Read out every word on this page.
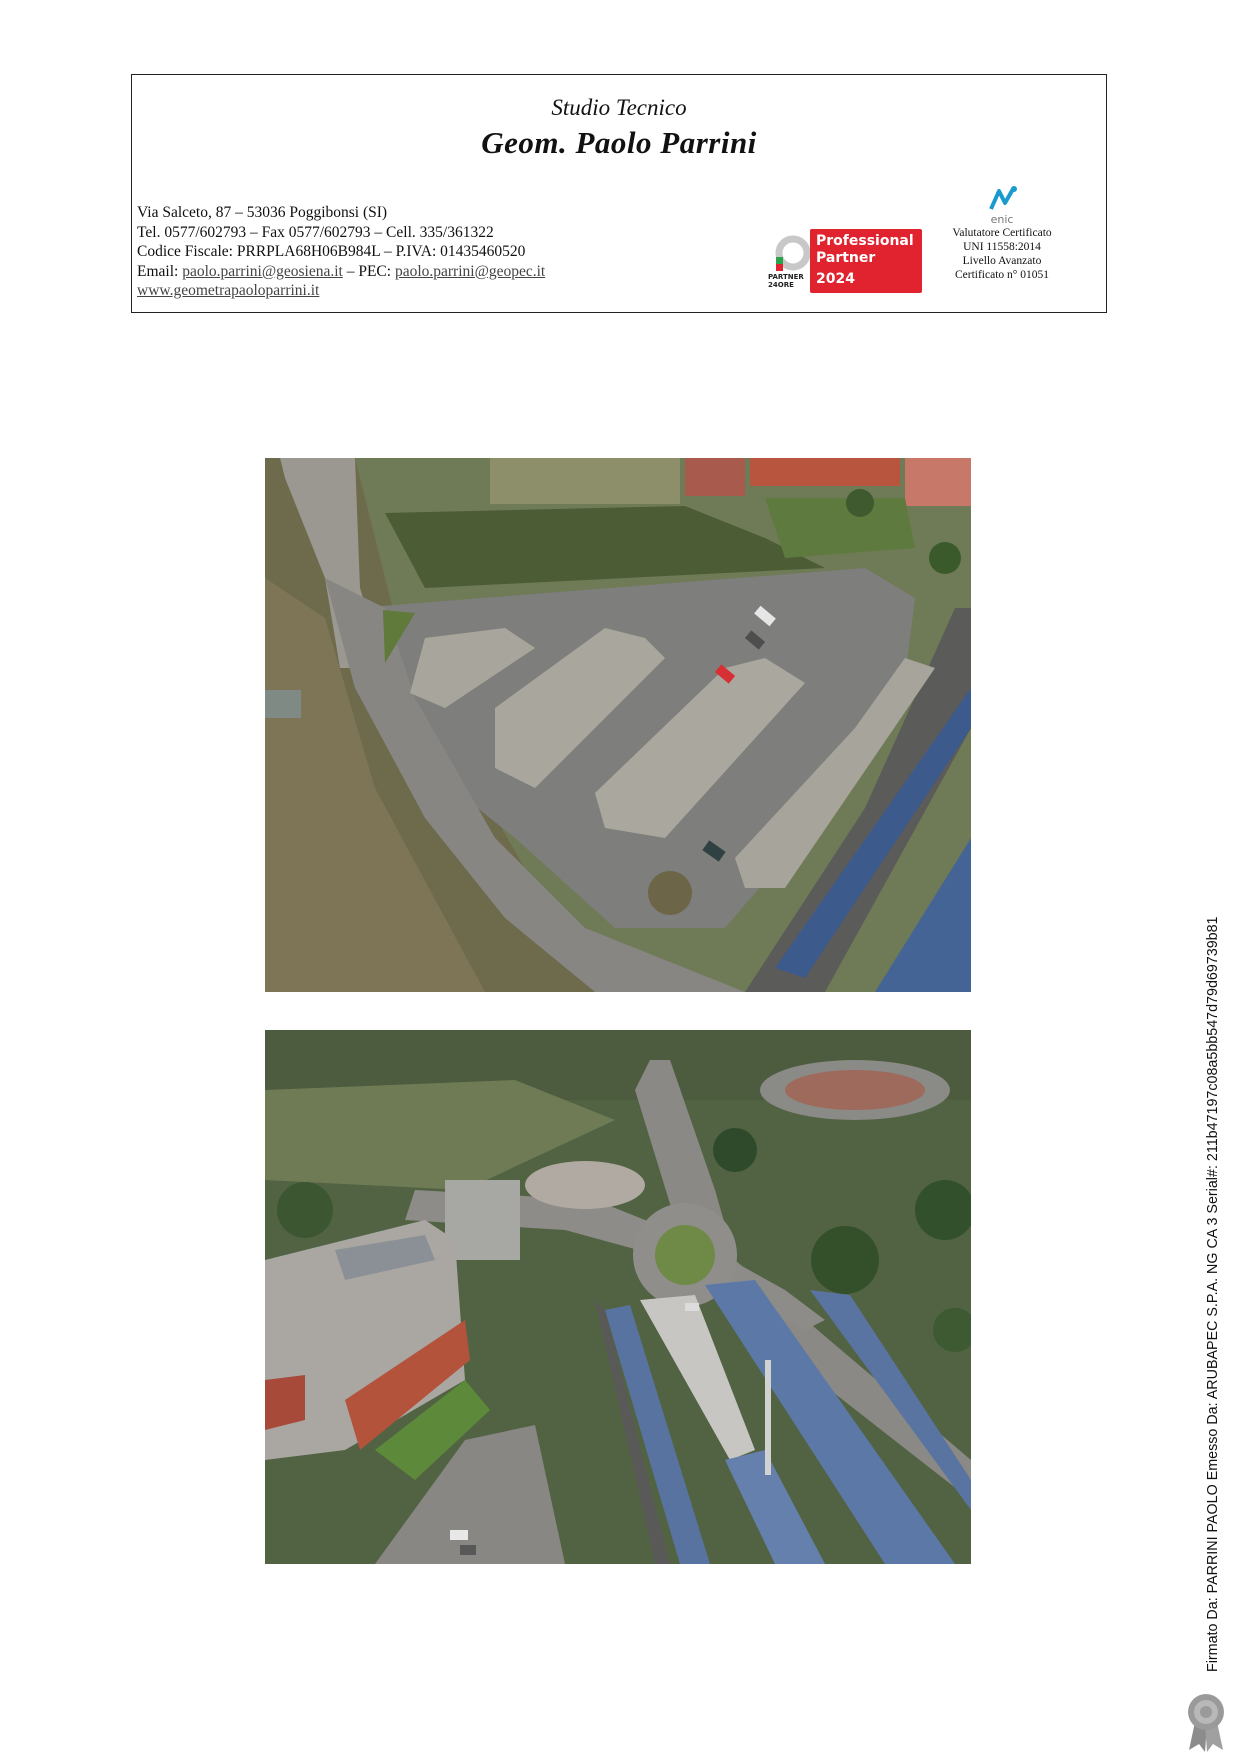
Studio Tecnico
Geom. Paolo Parrini
Via Salceto, 87 – 53036 Poggibonsi (SI)
Tel. 0577/602793 – Fax 0577/602793 – Cell. 335/361322
Codice Fiscale: PRRPLA68H06B984L – P.IVA: 01435460520
Email: paolo.parrini@geosiena.it – PEC: paolo.parrini@geopec.it
www.geometrapaoloparrini.it
PARTNER
24ORE
Professional
Partner
2024
enic
Valutatore Certificato
UNI 11558:2014
Livello Avanzato
Certificato n° 01051
Firmato Da: PARRINI PAOLO Emesso Da: ARUBAPEC S.P.A. NG CA 3 Serial#: 211b47197c08a5bb547d79d69739b81
